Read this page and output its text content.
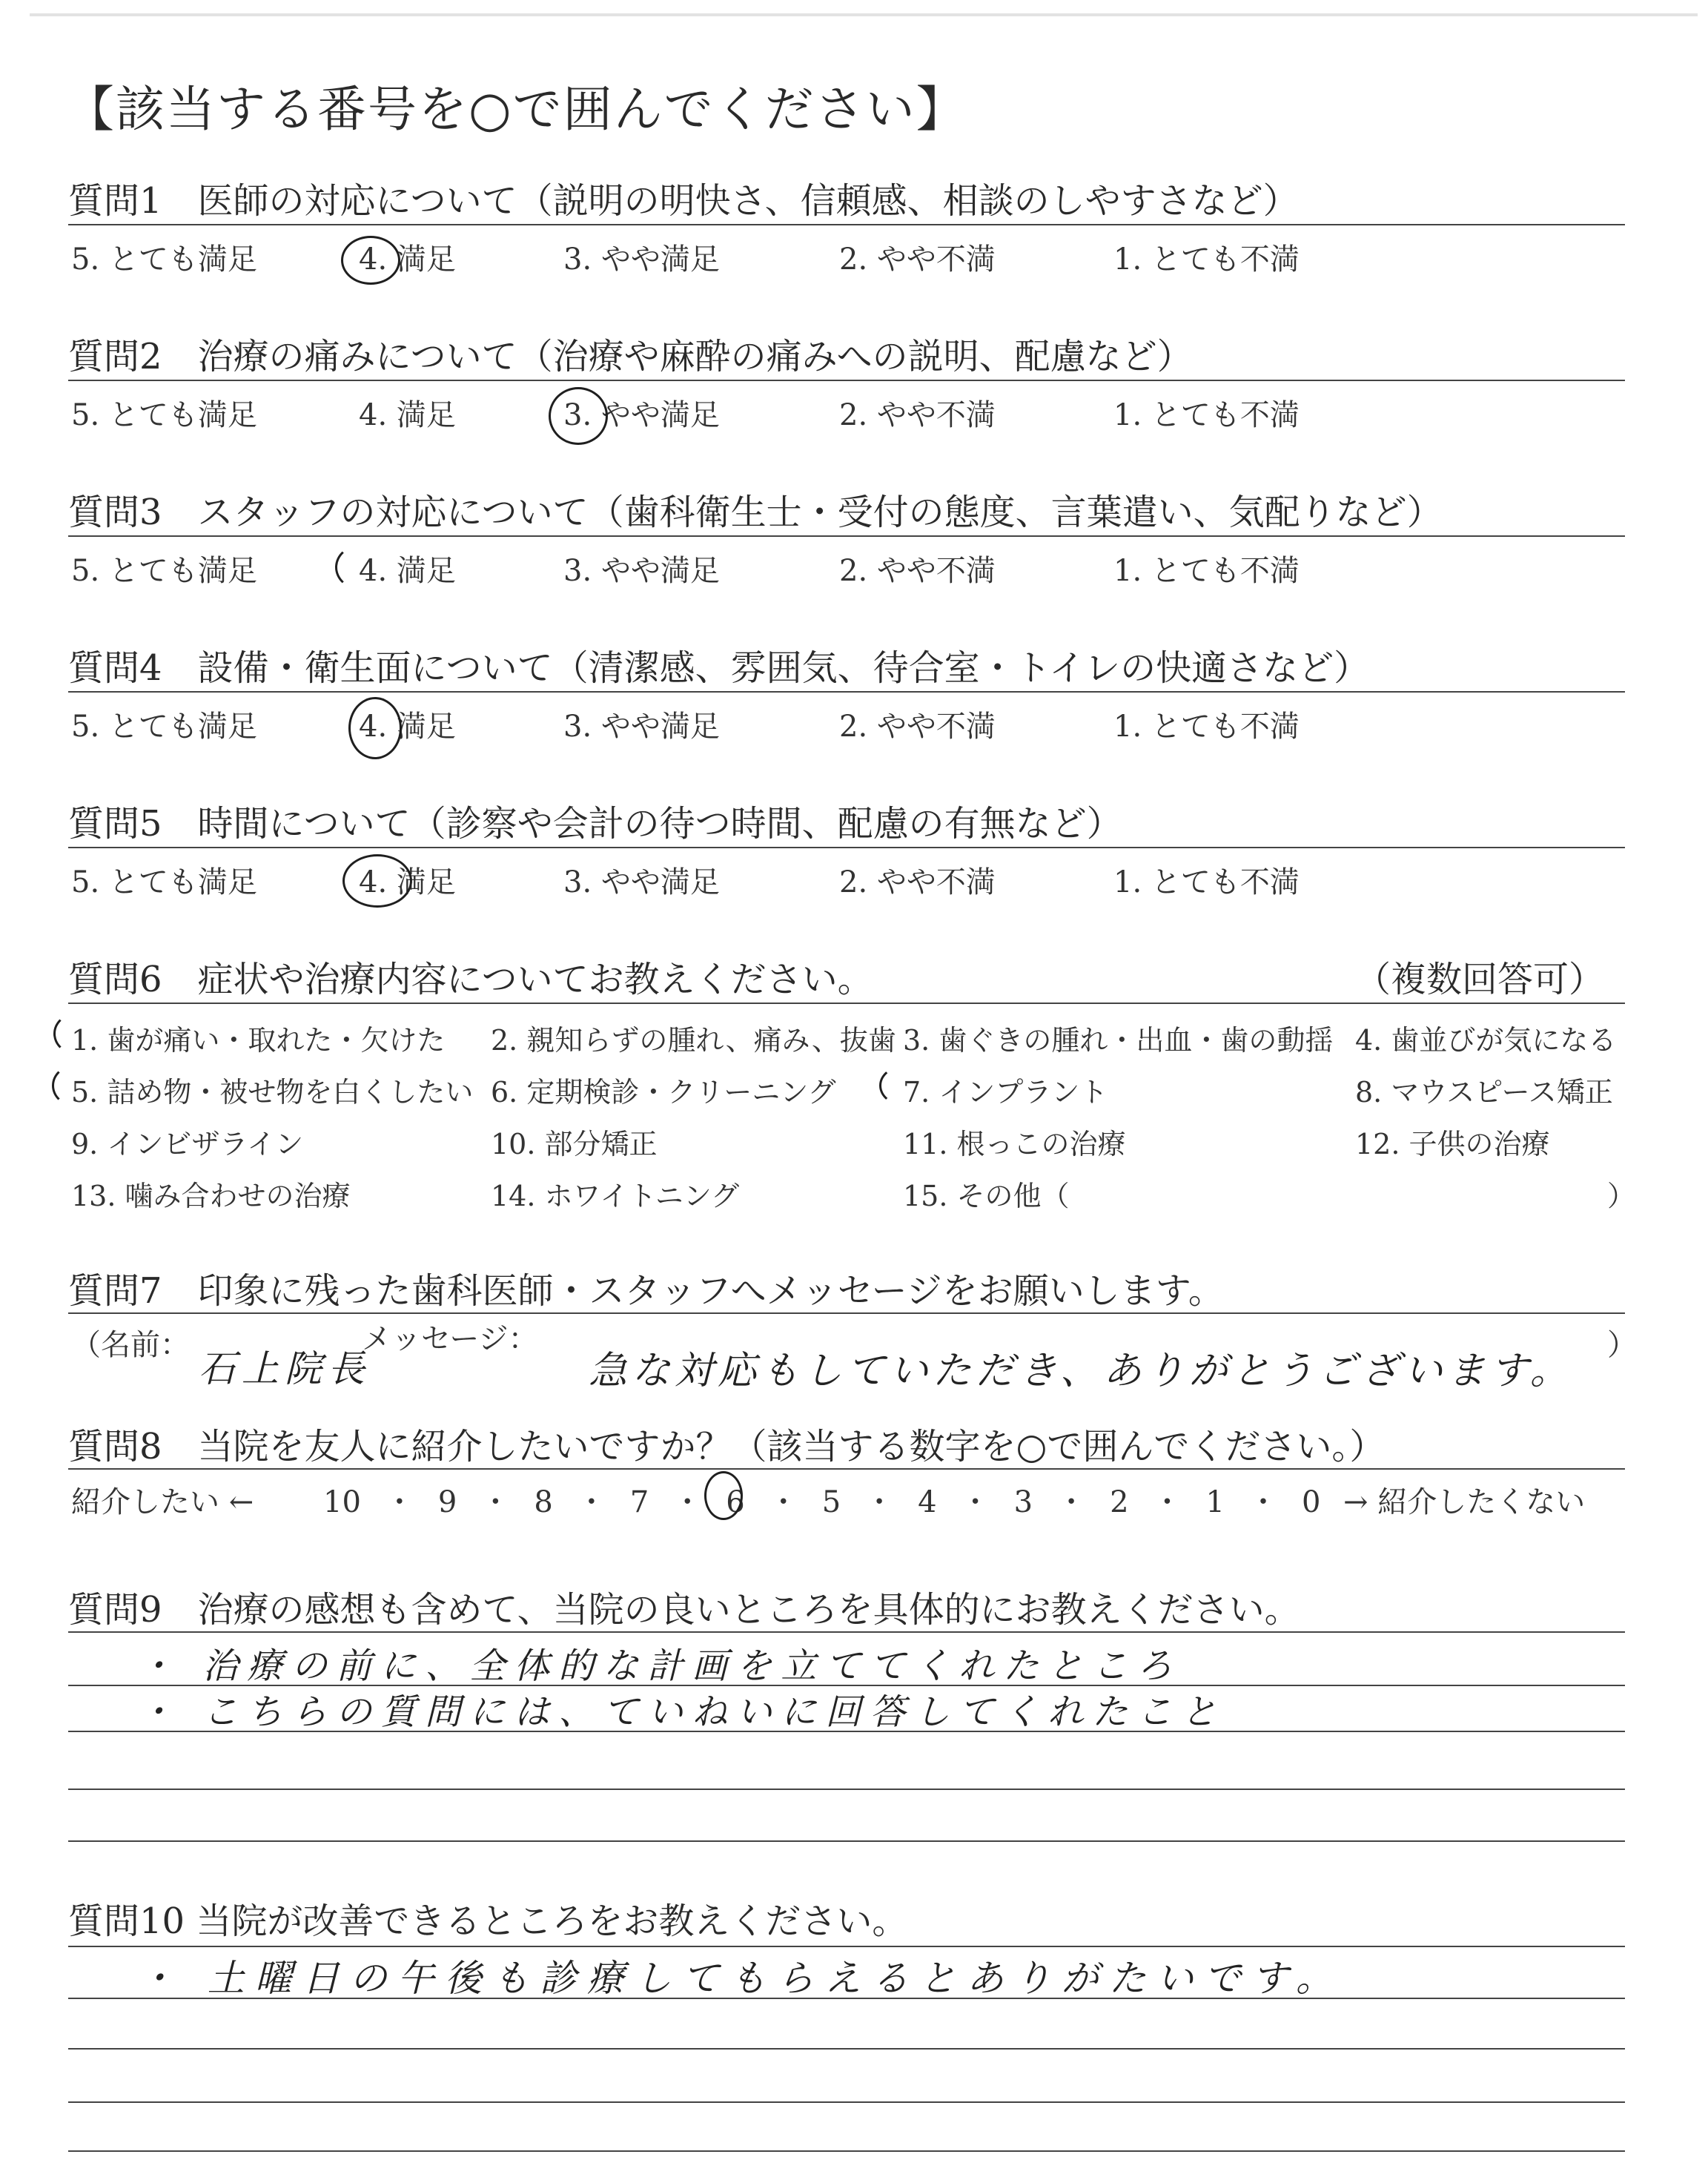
【該当する番号を○で囲んでください】
質問1　医師の対応について（説明の明快さ、信頼感、相談のしやすさなど）
5. とても満足	4. 満足	3. やや満足	2. やや不満	1. とても不満
質問2　治療の痛みについて（治療や麻酔の痛みへの説明、配慮など）
5. とても満足	4. 満足	3. やや満足	2. やや不満	1. とても不満
質問3　スタッフの対応について（歯科衛生士・受付の態度、言葉遣い、気配りなど）
5. とても満足	4. 満足	3. やや満足	2. やや不満	1. とても不満
質問4　設備・衛生面について（清潔感、雰囲気、待合室・トイレの快適さなど）
5. とても満足	4. 満足	3. やや満足	2. やや不満	1. とても不満
質問5　時間について（診察や会計の待つ時間、配慮の有無など）
5. とても満足	4. 満足	3. やや満足	2. やや不満	1. とても不満
質問6　症状や治療内容についてお教えください。	（複数回答可）
1. 歯が痛い・取れた・欠けた 2. 親知らずの腫れ、痛み、抜歯 3. 歯ぐきの腫れ・出血・歯の動揺 4. 歯並びが気になる
5. 詰め物・被せ物を白くしたい 6. 定期検診・クリーニング 7. インプラント	8. マウスピース矯正
9. インビザライン	10. 部分矯正	11. 根っこの治療	12. 子供の治療
13. 噛み合わせの治療	14. ホワイトニング	15. その他（	）
質問7　印象に残った歯科医師・スタッフへメッセージをお願いします。
（名前：
石上院長
メッセージ：
急な対応もしていただき、ありがとうございます。
）
質問8　当院を友人に紹介したいですか？（該当する数字を○で囲んでください。）
紹介したい ←	→ 紹介したくない
10 ・ 9 ・ 8 ・ 7 ・ 6 ・ 5 ・ 4 ・ 3 ・ 2 ・ 1 ・ 0
質問9　治療の感想も含めて、当院の良いところを具体的にお教えください。
・ 治療の前に、全体的な計画を立ててくれたところ
・ こちらの質問には、ていねいに回答してくれたこと
質問10 当院が改善できるところをお教えください。
・ 土曜日の午後も診療してもらえるとありがたいです。
